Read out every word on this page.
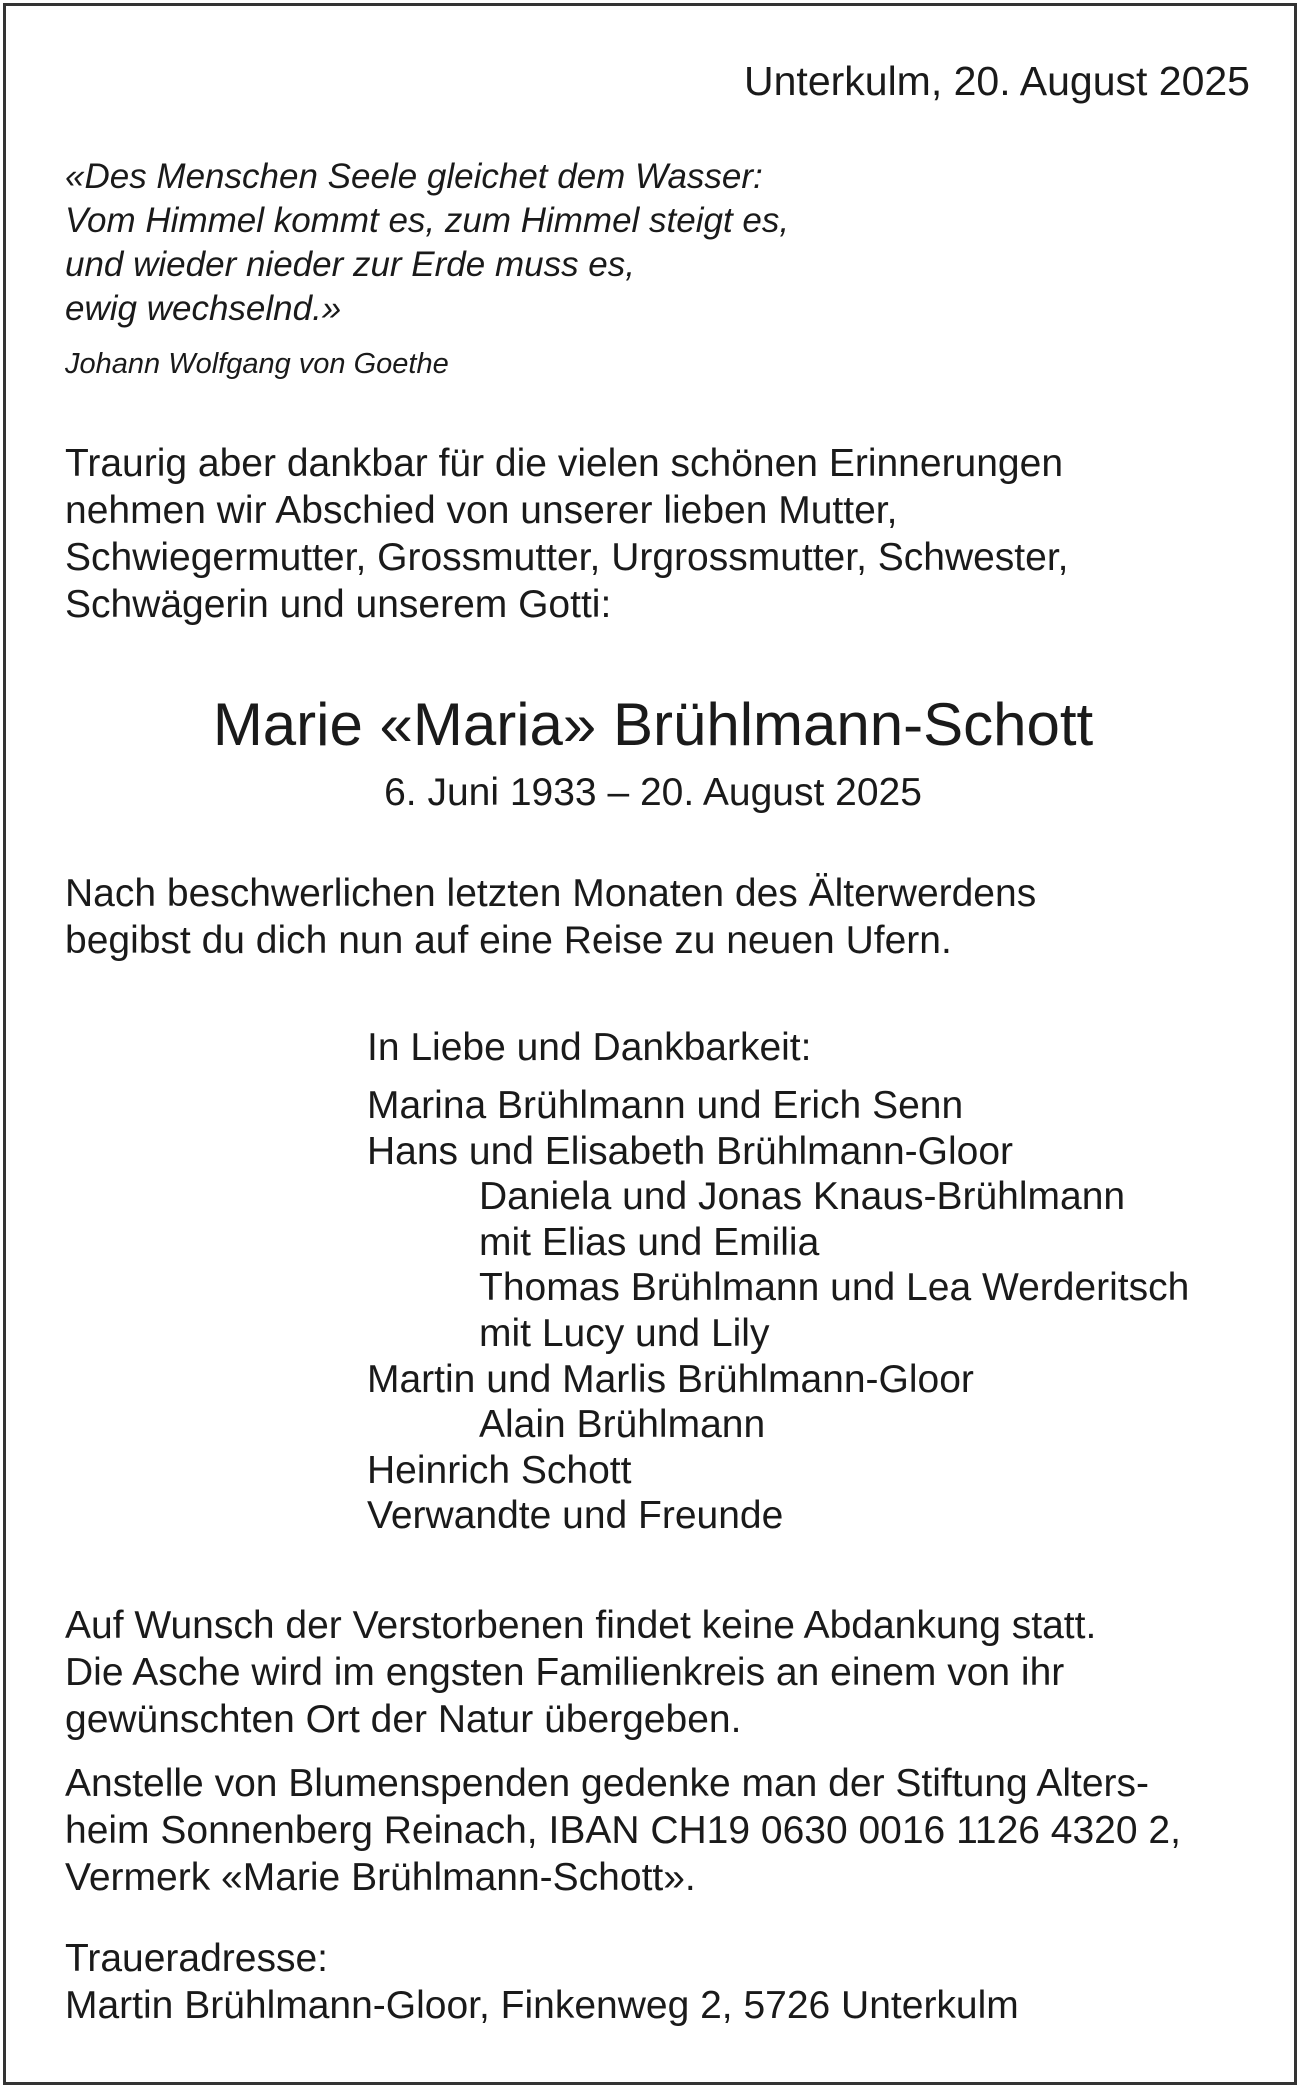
Unterkulm, 20. August 2025
«Des Menschen Seele gleichet dem Wasser:
Vom Himmel kommt es, zum Himmel steigt es,
und wieder nieder zur Erde muss es,
ewig wechselnd.»
Johann Wolfgang von Goethe
Traurig aber dankbar für die vielen schönen Erinnerungen
nehmen wir Abschied von unserer lieben Mutter,
Schwiegermutter, Grossmutter, Urgrossmutter, Schwester,
Schwägerin und unserem Gotti:
Marie «Maria» Brühlmann-Schott
6. Juni 1933 – 20. August 2025
Nach beschwerlichen letzten Monaten des Älterwerdens
begibst du dich nun auf eine Reise zu neuen Ufern.
In Liebe und Dankbarkeit:
Marina Brühlmann und Erich Senn
Hans und Elisabeth Brühlmann-Gloor
Daniela und Jonas Knaus-Brühlmann
mit Elias und Emilia
Thomas Brühlmann und Lea Werderitsch
mit Lucy und Lily
Martin und Marlis Brühlmann-Gloor
Alain Brühlmann
Heinrich Schott
Verwandte und Freunde
Auf Wunsch der Verstorbenen findet keine Abdankung statt.
Die Asche wird im engsten Familienkreis an einem von ihr
gewünschten Ort der Natur übergeben.
Anstelle von Blumenspenden gedenke man der Stiftung Alters-
heim Sonnenberg Reinach, IBAN CH19 0630 0016 1126 4320 2,
Vermerk «Marie Brühlmann-Schott».
Traueradresse:
Martin Brühlmann-Gloor, Finkenweg 2, 5726 Unterkulm
